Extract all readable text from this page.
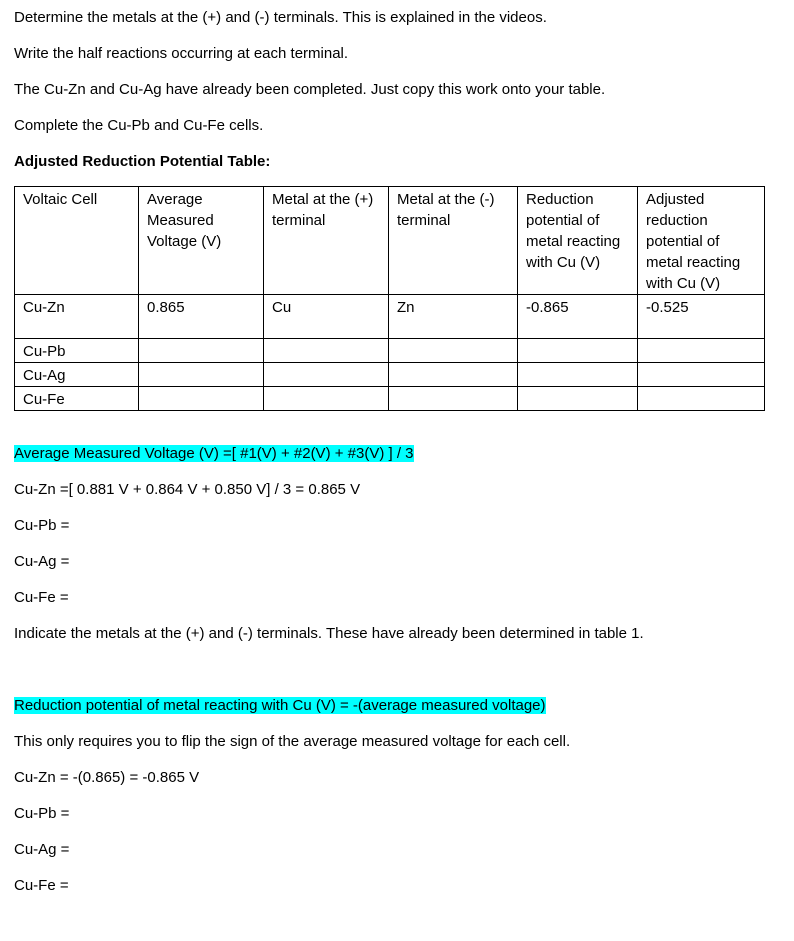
Determine the metals at the (+) and (-) terminals. This is explained in the videos.
Write the half reactions occurring at each terminal.
The Cu-Zn and Cu-Ag have already been completed. Just copy this work onto your table.
Complete the Cu-Pb and Cu-Fe cells.
Adjusted Reduction Potential Table:
Voltaic Cell	Average Measured Voltage (V)	Metal at the (+) terminal	Metal at the (-) terminal	Reduction potential of metal reacting with Cu (V)	Adjusted reduction potential of metal reacting with Cu (V)
Cu-Zn	0.865	Cu	Zn	-0.865	-0.525
Cu-Pb					
Cu-Ag					
Cu-Fe					
Average Measured Voltage (V) =[ #1(V) + #2(V) + #3(V) ] / 3
Cu-Zn =[ 0.881 V + 0.864 V + 0.850 V] / 3 = 0.865 V
Cu-Pb =
Cu-Ag =
Cu-Fe =
Indicate the metals at the (+) and (-) terminals. These have already been determined in table 1.
Reduction potential of metal reacting with Cu (V) = -(average measured voltage)
This only requires you to flip the sign of the average measured voltage for each cell.
Cu-Zn = -(0.865) = -0.865 V
Cu-Pb =
Cu-Ag =
Cu-Fe =
